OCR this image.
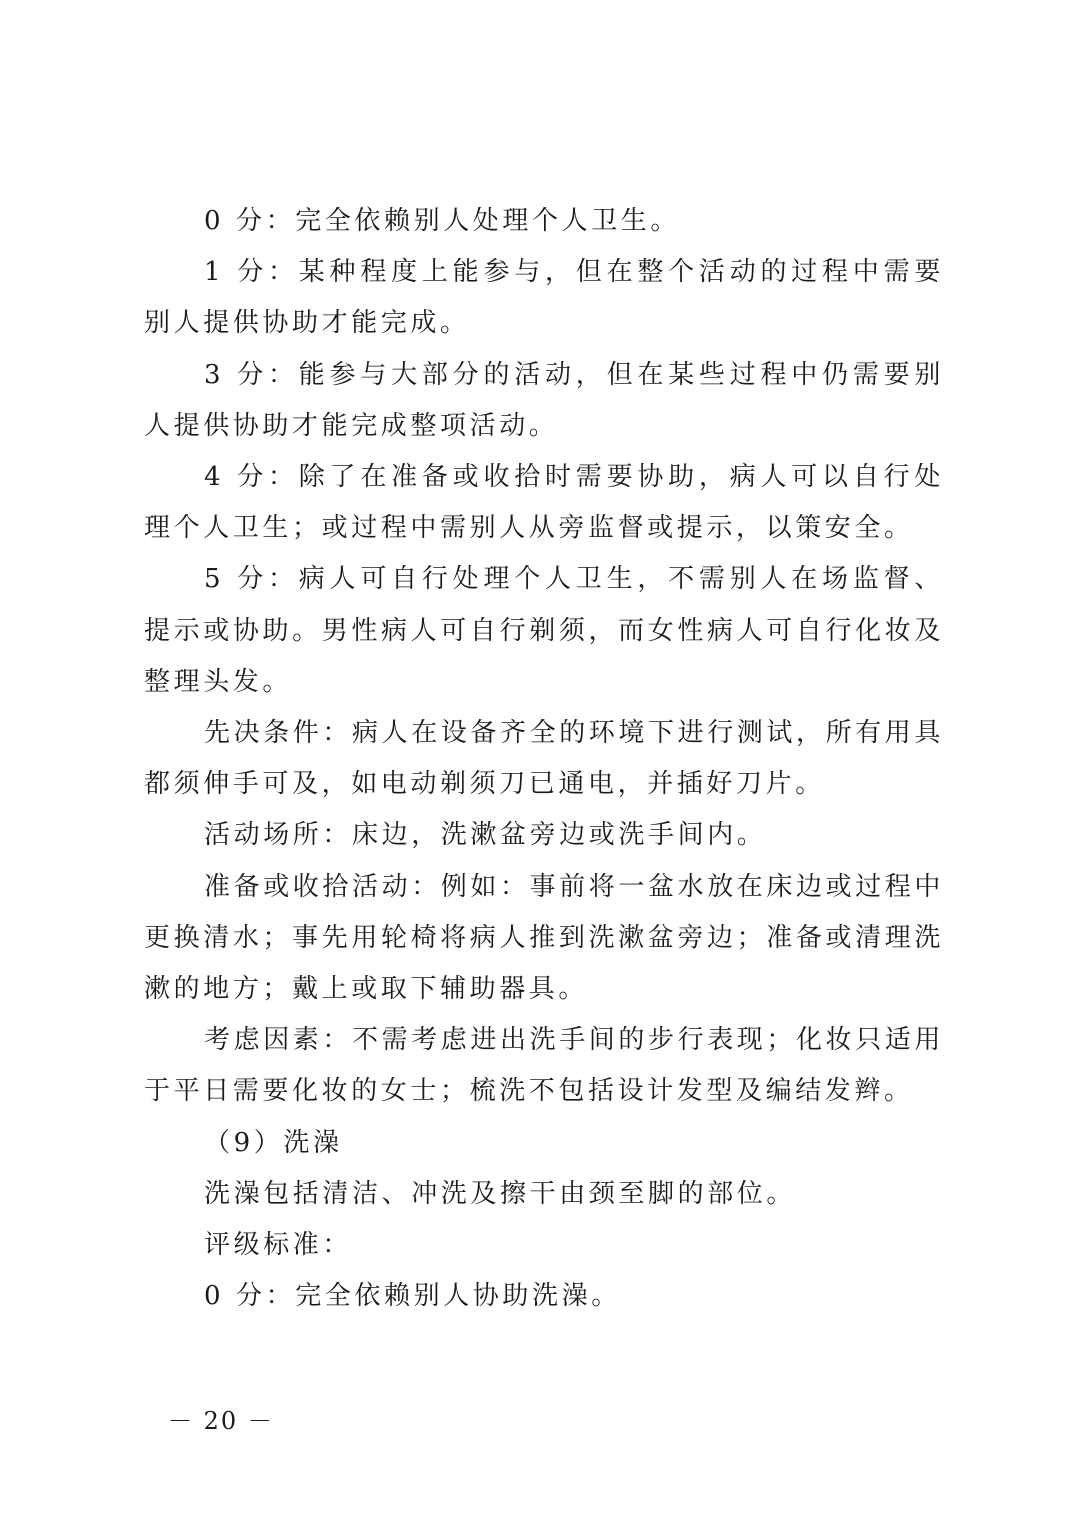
0 分：完全依赖别人处理个人卫生。

1 分：某种程度上能参与，但在整个活动的过程中需要别人提供协助才能完成。

3 分：能参与大部分的活动，但在某些过程中仍需要别人提供协助才能完成整项活动。

4 分：除了在准备或收拾时需要协助，病人可以自行处理个人卫生；或过程中需别人从旁监督或提示，以策安全。

5 分：病人可自行处理个人卫生，不需别人在场监督、提示或协助。男性病人可自行剃须，而女性病人可自行化妆及整理头发。

先决条件：病人在设备齐全的环境下进行测试，所有用具都须伸手可及，如电动剃须刀已通电，并插好刀片。

活动场所：床边，洗漱盆旁边或洗手间内。

准备或收拾活动：例如：事前将一盆水放在床边或过程中更换清水；事先用轮椅将病人推到洗漱盆旁边；准备或清理洗漱的地方；戴上或取下辅助器具。

考虑因素：不需考虑进出洗手间的步行表现；化妆只适用于平日需要化妆的女士；梳洗不包括设计发型及编结发辫。

（9）洗澡

洗澡包括清洁、冲洗及擦干由颈至脚的部位。

评级标准：

0 分：完全依赖别人协助洗澡。

－ 20 －
